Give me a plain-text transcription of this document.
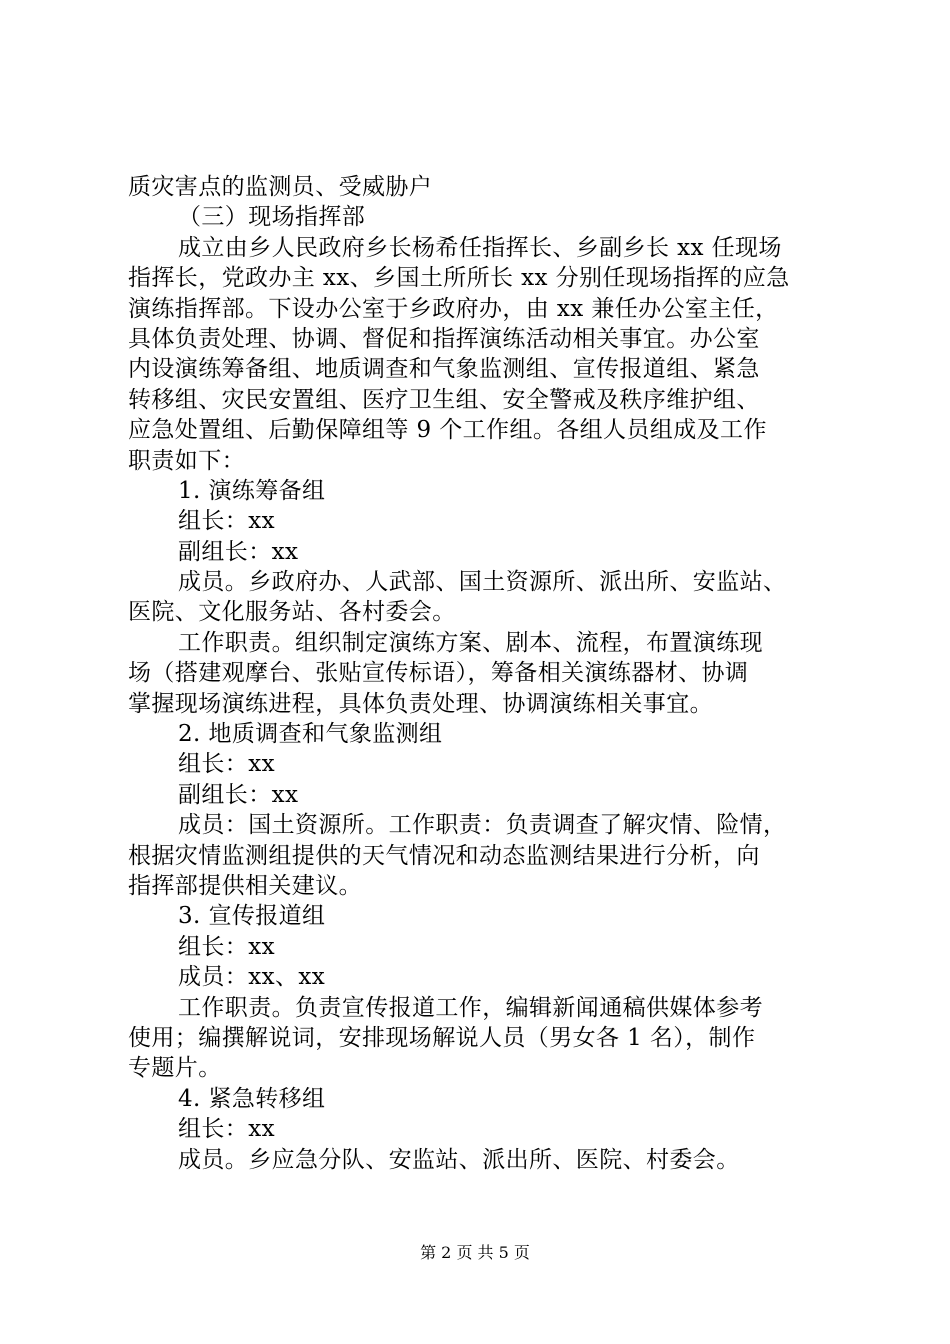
质灾害点的监测员、受威胁户
（三）现场指挥部
成立由乡人民政府乡长杨希任指挥长、乡副乡长 xx 任现场
指挥长，党政办主 xx、乡国土所所长 xx 分别任现场指挥的应急
演练指挥部。下设办公室于乡政府办，由 xx 兼任办公室主任，
具体负责处理、协调、督促和指挥演练活动相关事宜。办公室
内设演练筹备组、地质调查和气象监测组、宣传报道组、紧急
转移组、灾民安置组、医疗卫生组、安全警戒及秩序维护组、
应急处置组、后勤保障组等 9 个工作组。各组人员组成及工作
职责如下：
1. 演练筹备组
组长：xx
副组长：xx
成员。乡政府办、人武部、国土资源所、派出所、安监站、
医院、文化服务站、各村委会。
工作职责。组织制定演练方案、剧本、流程，布置演练现
场（搭建观摩台、张贴宣传标语），筹备相关演练器材、协调
掌握现场演练进程，具体负责处理、协调演练相关事宜。
2. 地质调查和气象监测组
组长：xx
副组长：xx
成员：国土资源所。工作职责：负责调查了解灾情、险情，
根据灾情监测组提供的天气情况和动态监测结果进行分析，向
指挥部提供相关建议。
3. 宣传报道组
组长：xx
成员：xx、xx
工作职责。负责宣传报道工作，编辑新闻通稿供媒体参考
使用；编撰解说词，安排现场解说人员（男女各 1 名），制作
专题片。
4. 紧急转移组
组长：xx
成员。乡应急分队、安监站、派出所、医院、村委会。
第 2 页 共 5 页
